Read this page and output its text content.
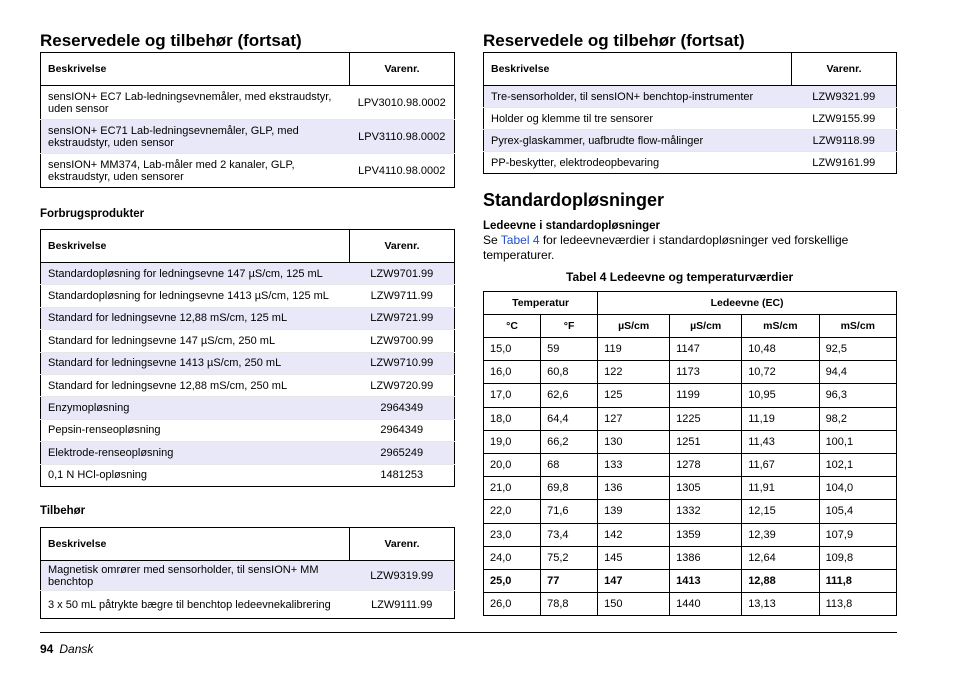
Reservedele og tilbehør (fortsat)
Beskrivelse	Varenr.
sensION+ EC7 Lab-ledningsevnemåler, med ekstraudstyr, uden sensor	LPV3010.98.0002
sensION+ EC71 Lab-ledningsevnemåler, GLP, med ekstraudstyr, uden sensor	LPV3110.98.0002
sensION+ MM374, Lab-måler med 2 kanaler, GLP, ekstraudstyr, uden sensorer	LPV4110.98.0002
Forbrugsprodukter
Beskrivelse	Varenr.
Standardopløsning for ledningsevne 147 µS/cm, 125 mL	LZW9701.99
Standardopløsning for ledningsevne 1413 µS/cm, 125 mL	LZW9711.99
Standard for ledningsevne 12,88 mS/cm, 125 mL	LZW9721.99
Standard for ledningsevne 147 µS/cm, 250 mL	LZW9700.99
Standard for ledningsevne 1413 µS/cm, 250 mL	LZW9710.99
Standard for ledningsevne 12,88 mS/cm, 250 mL	LZW9720.99
Enzymopløsning	2964349
Pepsin-renseopløsning	2964349
Elektrode-renseopløsning	2965249
0,1 N HCl-opløsning	1481253
Tilbehør
Beskrivelse	Varenr.
Magnetisk omrører med sensorholder, til sensION+ MM benchtop	LZW9319.99
3 x 50 mL påtrykte bægre til benchtop ledeevnekalibrering	LZW9111.99
Reservedele og tilbehør (fortsat)
Beskrivelse	Varenr.
Tre-sensorholder, til sensION+ benchtop-instrumenter	LZW9321.99
Holder og klemme til tre sensorer	LZW9155.99
Pyrex-glaskammer, uafbrudte flow-målinger	LZW9118.99
PP-beskytter, elektrodeopbevaring	LZW9161.99
Standardopløsninger
Ledeevne i standardopløsninger
Se Tabel 4 for ledeevneværdier i standardopløsninger ved forskellige temperaturer.
Tabel 4 Ledeevne og temperaturværdier
Temperatur		Ledeevne (EC)			
°C	°F	µS/cm	µS/cm	mS/cm	mS/cm
15,0	59	119	1147	10,48	92,5
16,0	60,8	122	1173	10,72	94,4
17,0	62,6	125	1199	10,95	96,3
18,0	64,4	127	1225	11,19	98,2
19,0	66,2	130	1251	11,43	100,1
20,0	68	133	1278	11,67	102,1
21,0	69,8	136	1305	11,91	104,0
22,0	71,6	139	1332	12,15	105,4
23,0	73,4	142	1359	12,39	107,9
24,0	75,2	145	1386	12,64	109,8
25,0	77	147	1413	12,88	111,8
26,0	78,8	150	1440	13,13	113,8
94 Dansk
